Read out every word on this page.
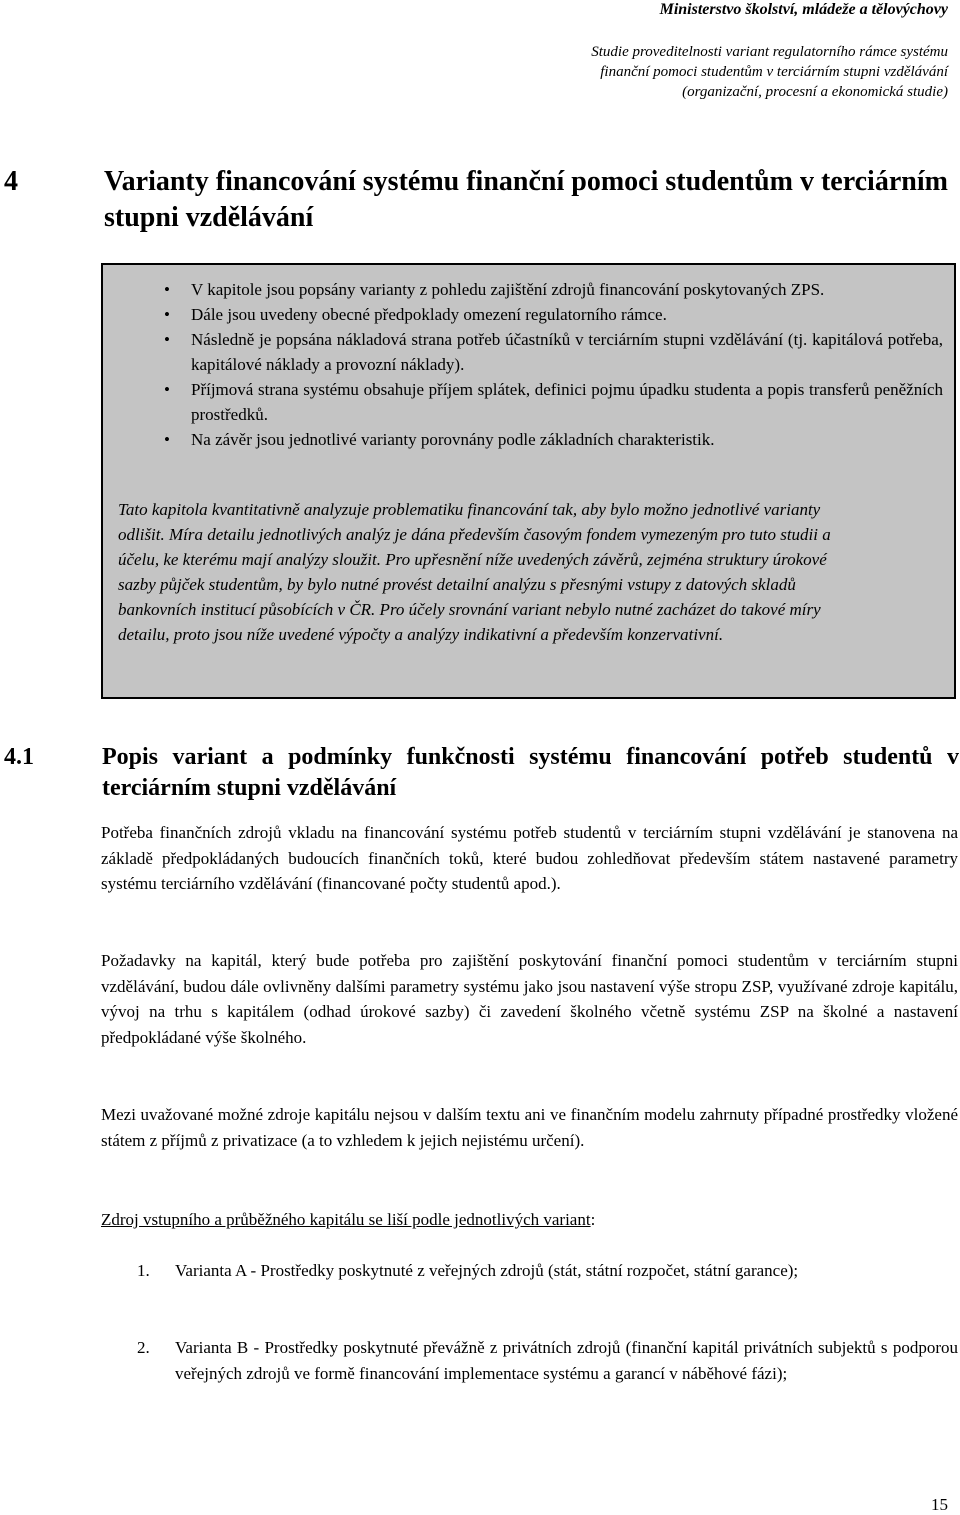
Ministerstvo školství, mládeže a tělovýchovy
Studie proveditelnosti variant regulatorního rámce systému
finanční pomoci studentům v terciárním stupni vzdělávání
(organizační, procesní a ekonomická studie)
4	Varianty financování systému finanční pomoci studentům v terciárním stupni vzdělávání
• V kapitole jsou popsány varianty z pohledu zajištění zdrojů financování poskytovaných ZPS.
• Dále jsou uvedeny obecné předpoklady omezení regulatorního rámce.
• Následně je popsána nákladová strana potřeb účastníků v terciárním stupni vzdělávání (tj. kapitálová potřeba, kapitálové náklady a provozní náklady).
• Příjmová strana systému obsahuje příjem splátek, definici pojmu úpadku studenta a popis transferů peněžních prostředků.
• Na závěr jsou jednotlivé varianty porovnány podle základních charakteristik.
Tato kapitola kvantitativně analyzuje problematiku financování tak, aby bylo možno jednotlivé varianty odlišit. Míra detailu jednotlivých analýz je dána především časovým fondem vymezeným pro tuto studii a účelu, ke kterému mají analýzy sloužit. Pro upřesnění níže uvedených závěrů, zejména struktury úrokové sazby půjček studentům, by bylo nutné provést detailní analýzu s přesnými vstupy z datových skladů bankovních institucí působících v ČR. Pro účely srovnání variant nebylo nutné zacházet do takové míry detailu, proto jsou níže uvedené výpočty a analýzy indikativní a především konzervativní.
4.1	Popis variant a podmínky funkčnosti systému financování potřeb studentů v terciárním stupni vzdělávání
Potřeba finančních zdrojů vkladu na financování systému potřeb studentů v terciárním stupni vzdělávání je stanovena na základě předpokládaných budoucích finančních toků, které budou zohledňovat především státem nastavené parametry systému terciárního vzdělávání (financované počty studentů apod.).
Požadavky na kapitál, který bude potřeba pro zajištění poskytování finanční pomoci studentům v terciárním stupni vzdělávání, budou dále ovlivněny dalšími parametry systému jako jsou nastavení výše stropu ZSP, využívané zdroje kapitálu, vývoj na trhu s kapitálem (odhad úrokové sazby) či zavedení školného včetně systému ZSP na školné a nastavení předpokládané výše školného.
Mezi uvažované možné zdroje kapitálu nejsou v dalším textu ani ve finančním modelu zahrnuty případné prostředky vložené státem z příjmů z privatizace (a to vzhledem k jejich nejistému určení).
Zdroj vstupního a průběžného kapitálu se liší podle jednotlivých variant:
1. Varianta A - Prostředky poskytnuté z veřejných zdrojů (stát, státní rozpočet, státní garance);
2. Varianta B - Prostředky poskytnuté převážně z privátních zdrojů (finanční kapitál privátních subjektů s podporou veřejných zdrojů ve formě financování implementace systému a garancí v náběhové fázi);
15
